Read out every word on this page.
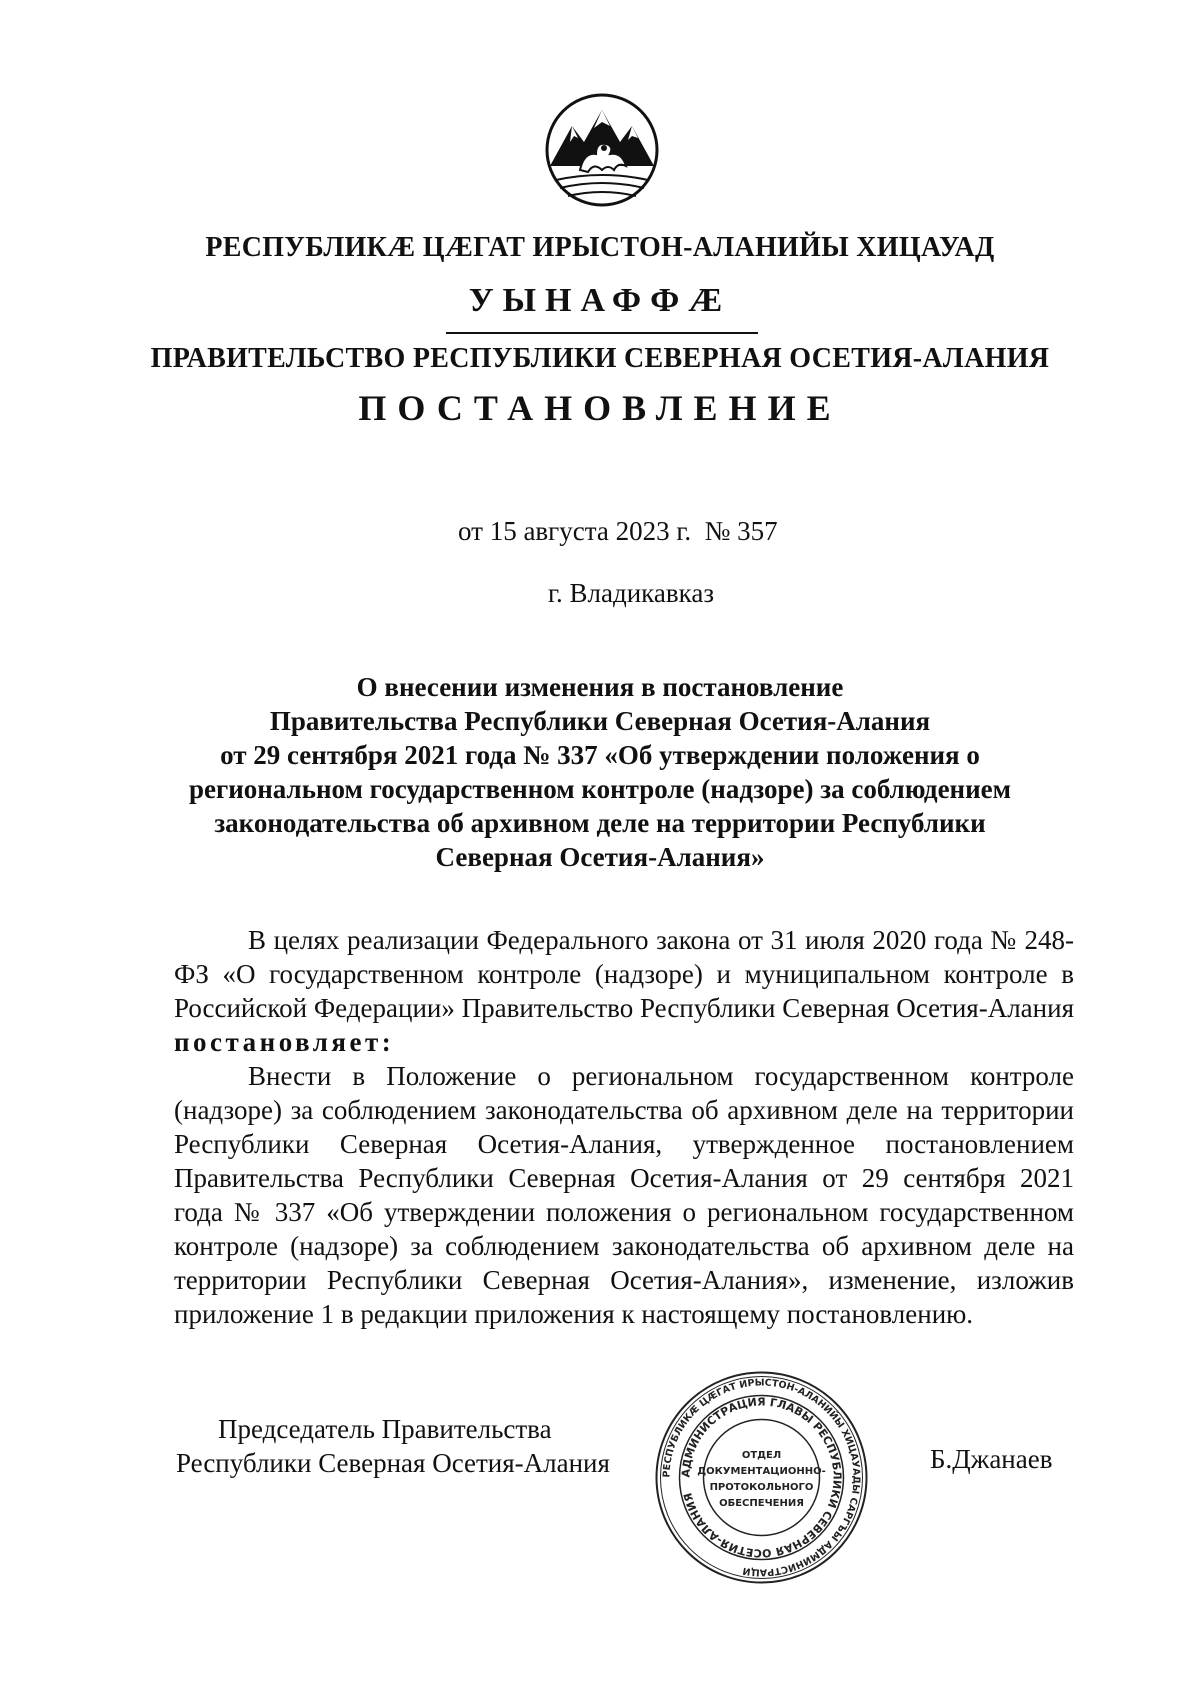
РЕСПУБЛИКӔ ЦӔГАТ ИРЫСТОН-АЛАНИЙЫ ХИЦАУАД
УЫНАФФӔ
ПРАВИТЕЛЬСТВО РЕСПУБЛИКИ СЕВЕРНАЯ ОСЕТИЯ-АЛАНИЯ
ПОСТАНОВЛЕНИЕ
от 15 августа 2023 г.  № 357
г. Владикавказ
О внесении изменения в постановление
Правительства Республики Северная Осетия-Алания
от 29 сентября 2021 года № 337 «Об утверждении положения о
региональном государственном контроле (надзоре) за соблюдением
законодательства об архивном деле на территории Республики
Северная Осетия-Алания»

В целях реализации Федерального закона от 31 июля 2020 года № 248-ФЗ «О государственном контроле (надзоре) и муниципальном контроле в Российской Федерации» Правительство Республики Северная Осетия-Алания постановляет:

Внести в Положение о региональном государственном контроле (надзоре) за соблюдением законодательства об архивном деле на территории Республики Северная Осетия-Алания, утвержденное постановлением Правительства Республики Северная Осетия-Алания от 29 сентября 2021 года № 337 «Об утверждении положения о региональном государственном контроле (надзоре) за соблюдением законодательства об архивном деле на территории Республики Северная Осетия-Алания», изменение, изложив приложение 1 в редакции приложения к настоящему постановлению.

Председатель Правительства
Республики Северная Осетия-Алания	Б.Джанаев
РЕСПУБЛИКӔ ЦӔГАТ ИРЫСТОН-АЛАНИЙЫ ХИЦАУАДЫ САРГЪЫ АДМИНИСТРАЦИ
АДМИНИСТРАЦИЯ ГЛАВЫ РЕСПУБЛИКИ СЕВЕРНАЯ ОСЕТИЯ-АЛАНИЯ
ОТДЕЛ
ДОКУМЕНТАЦИОННО-
ПРОТОКОЛЬНОГО
ОБЕСПЕЧЕНИЯ
